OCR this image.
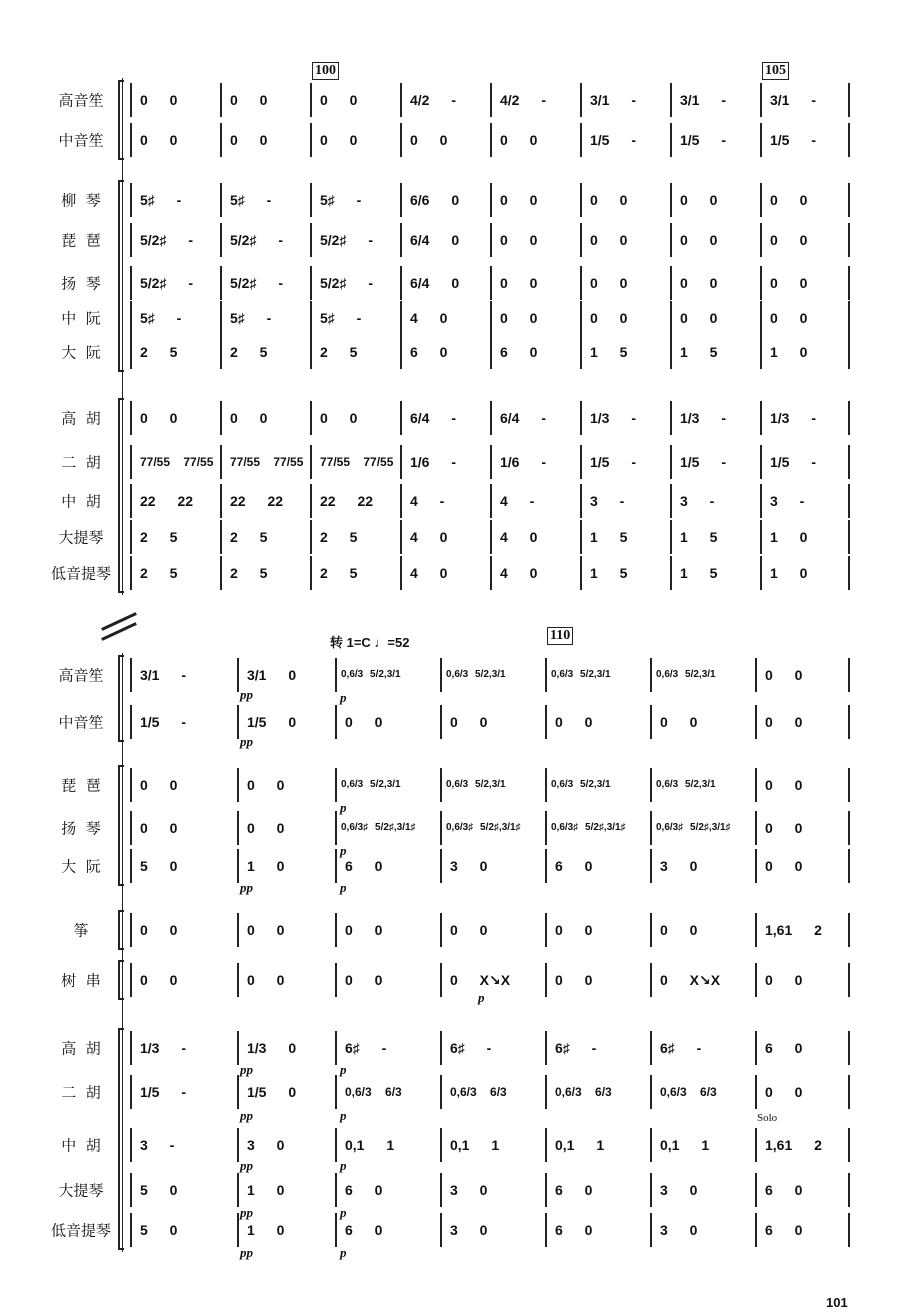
转 1=C ♩=52
Solo
101
100	105
高音笙	0 0	0 0	0 0	4/2 -	4/2 -	3/1 -	3/1 -	3/1 -
中音笙	0 0	0 0	0 0	0 0	0 0	1/5 -	1/5 -	1/5 -
柳  琴	5♯ -	5♯ -	5♯ -	6/6 0	0 0	0 0	0 0	0 0
琵  琶	5/2♯ -	5/2♯ -	5/2♯ -	6/4 0	0 0	0 0	0 0	0 0
扬  琴	5/2♯ -	5/2♯ -	5/2♯ -	6/4 0	0 0	0 0	0 0	0 0
中  阮	5♯ -	5♯ -	5♯ -	4 0	0 0	0 0	0 0	0 0
大  阮	2 5	2 5	2 5	6 0	6 0	1 5	1 5	1 0
高  胡	0 0	0 0	0 0	6/4 -	6/4 -	1/3 -	1/3 -	1/3 -
二  胡	77/55 77/55	77/55 77/55	77/55 77/55	1/6 -	1/6 -	1/5 -	1/5 -	1/5 -
中  胡	22 22	22 22	22 22	4 -	4 -	3 -	3 -	3 -
大提琴	2 5	2 5	2 5	4 0	4 0	1 5	1 5	1 0
低音提琴	2 5	2 5	2 5	4 0	4 0	1 5	1 5	1 0
110
高音笙	3/1 -	3/1 0	0,6/3 5/2,3/1	0,6/3 5/2,3/1	0,6/3 5/2,3/1	0,6/3 5/2,3/1	0 0
中音笙	1/5 -	1/5 0	0 0	0 0	0 0	0 0	0 0
琵  琶	0 0	0 0	0,6/3 5/2,3/1	0,6/3 5/2,3/1	0,6/3 5/2,3/1	0,6/3 5/2,3/1	0 0
扬  琴	0 0	0 0	0,6/3♯ 5/2♯,3/1♯	0,6/3♯ 5/2♯,3/1♯	0,6/3♯ 5/2♯,3/1♯	0,6/3♯ 5/2♯,3/1♯	0 0
大  阮	5 0	1 0	6 0	3 0	6 0	3 0	0 0
筝	0 0	0 0	0 0	0 0	0 0	0 0	1,61 2
树  串	0 0	0 0	0 0	0 X↘X	0 0	0 X↘X	0 0
高  胡	1/3 -	1/3 0	6♯ -	6♯ -	6♯ -	6♯ -	6 0
二  胡	1/5 -	1/5 0	0,6/3 6/3	0,6/3 6/3	0,6/3 6/3	0,6/3 6/3	0 0
中  胡	3 -	3 0	0,1 1	0,1 1	0,1 1	0,1 1	1,61 2
大提琴	5 0	1 0	6 0	3 0	6 0	3 0	6 0
低音提琴	5 0	1 0	6 0	3 0	6 0	3 0	6 0
p
p
p
p
p
p
p
p
p
p
pp
pp
pp
pp
pp
pp
pp
pp
